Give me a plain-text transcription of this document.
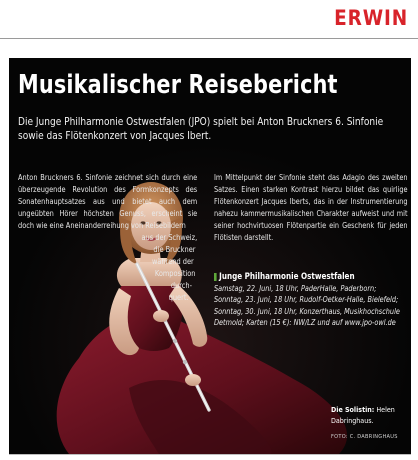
ERWIN
Musikalischer Reisebericht
Die Junge Philharmonie Ostwestfalen (JPO) spielt bei Anton Bruckners 6. Sinfonie sowie das Flötenkonzert von Jacques Ibert.

Anton Bruckners 6. Sinfonie zeichnet sich durch eine überzeugende Revolution des Formkonzepts des Sonatenhauptsatzes aus und bietet auch dem ungeübten Hörer höchsten Genuss, erscheint sie doch wie eine Aneinanderreihung von Reisebildern

aus der Schweiz,
die Bruckner
während der
Komposition
durch-
quert.

Im Mittelpunkt der Sinfonie steht das Adagio des zweiten Satzes. Einen starken Kontrast hierzu bildet das quirlige Flötenkonzert Jacques Iberts, das in der Instrumentierung nahezu kammermusikalischen Charakter aufweist und mit seiner hochvirtuosen Flötenpartie ein Geschenk für jeden Flötisten darstellt.

Junge Philharmonie Ostwestfalen
Samstag, 22. Juni, 18 Uhr, PaderHalle, Paderborn; Sonntag, 23. Juni, 18 Uhr, Rudolf-Oetker-Halle, Bielefeld; Sonntag, 30. Juni, 18 Uhr, Konzerthaus, Musikhochschule Detmold; Karten (15 €): NW/LZ und auf www.jpo-owl.de
Die Solistin: Helen Dabringhaus.
FOTO: C. DABRINGHAUS
